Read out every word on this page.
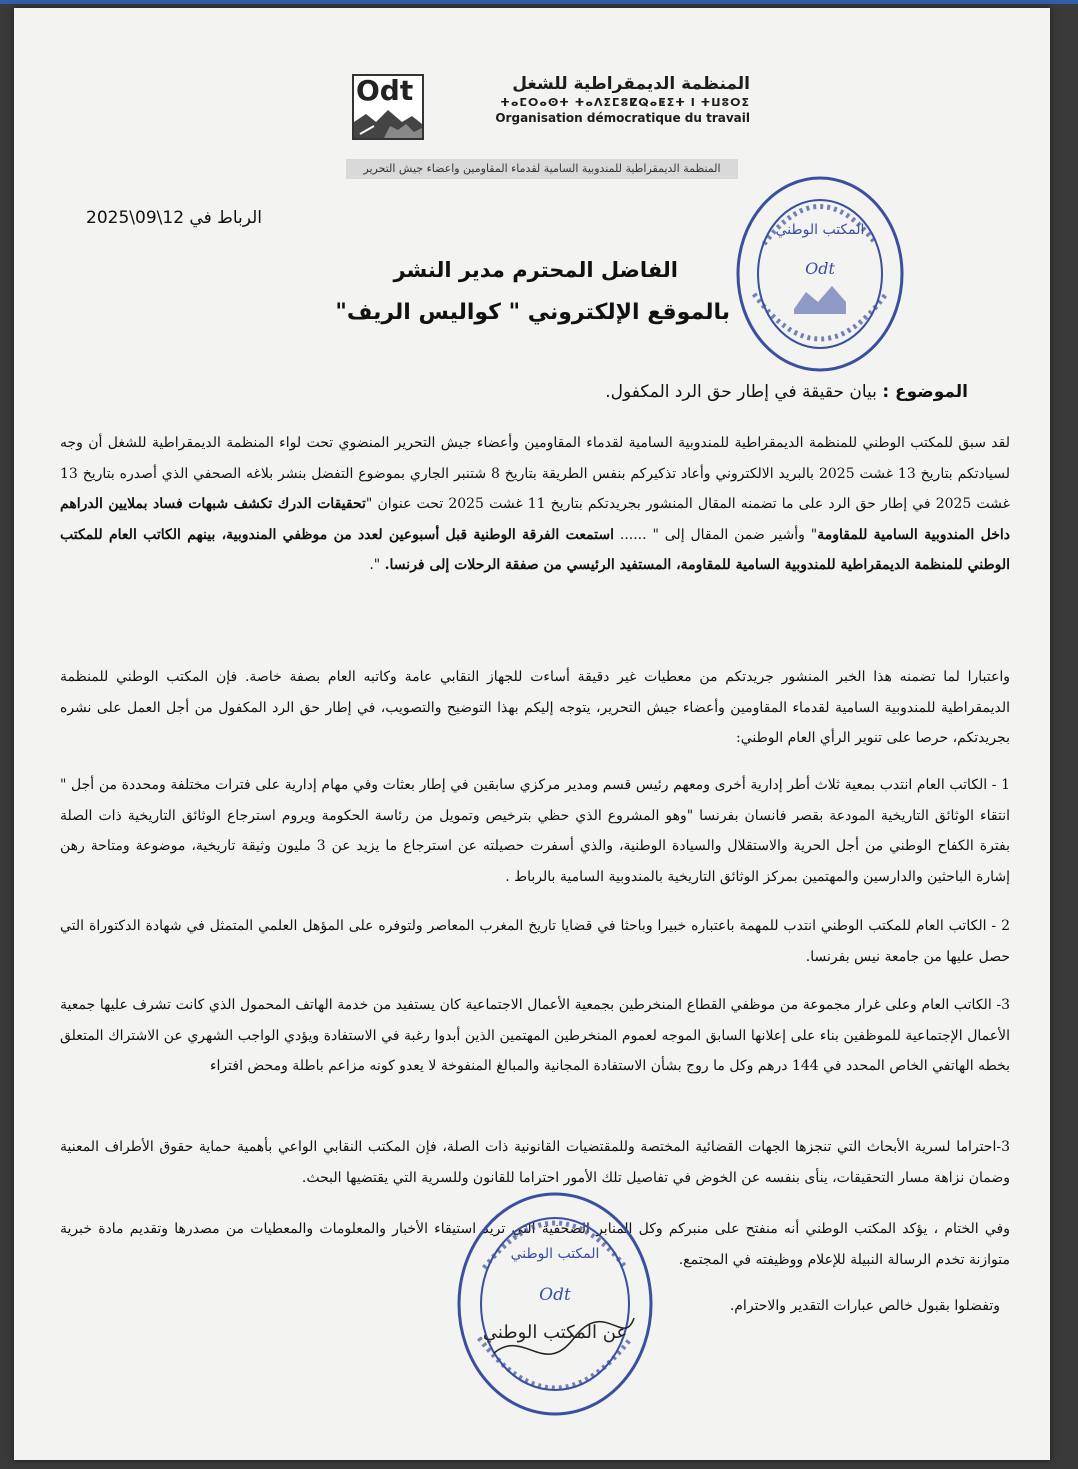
المنظمة الديمقراطية للشغل
ⵜⴰⵎⵔⴰⵙⵜ ⵜⴰⴷⵉⵎⵓⵇⵕⴰⵟⵉⵜ ⵏ ⵜⵡⵓⵔⵉ
Organisation démocratique du travail
Odt
المنظمة الديمقراطية للمندوبية السامية لقدماء المقاومين واعضاء جيش التحرير
المكتب الوطني
Odt
الرباط في 12\09\2025
الفاضل المحترم مدير النشر
بالموقع الإلكتروني " كواليس الريف"
الموضوع : بيان حقيقة في إطار حق الرد المكفول.
لقد سبق للمكتب الوطني للمنظمة الديمقراطية للمندوبية السامية لقدماء المقاومين وأعضاء جيش التحرير المنضوي تحت لواء المنظمة الديمقراطية للشغل أن وجه لسيادتكم بتاريخ 13 غشت 2025 بالبريد الالكتروني وأعاد تذكيركم بنفس الطريقة بتاريخ 8 شتنبر الجاري بموضوع التفضل بنشر بلاغه الصحفي الذي أصدره بتاريخ 13 غشت 2025 في إطار حق الرد على ما تضمنه المقال المنشور بجريدتكم بتاريخ 11 غشت 2025 تحت عنوان "تحقيقات الدرك تكشف شبهات فساد بملايين الدراهم داخل المندوبية السامية للمقاومة" وأشير ضمن المقال إلى " ...... استمعت الفرقة الوطنية قبل أسبوعين لعدد من موظفي المندوبية، بينهم الكاتب العام للمكتب الوطني للمنظمة الديمقراطية للمندوبية السامية للمقاومة، المستفيد الرئيسي من صفقة الرحلات إلى فرنسا. ".
واعتبارا لما تضمنه هذا الخبر المنشور جريدتكم من معطيات غير دقيقة أساءت للجهاز النقابي عامة وكاتبه العام بصفة خاصة. فإن المكتب الوطني للمنظمة الديمقراطية للمندوبية السامية لقدماء المقاومين وأعضاء جيش التحرير، يتوجه إليكم بهذا التوضيح والتصويب، في إطار حق الرد المكفول من أجل العمل على نشره بجريدتكم، حرصا على تنوير الرأي العام الوطني:
1 - الكاتب العام انتدب بمعية ثلاث أطر إدارية أخرى ومعهم رئيس قسم ومدير مركزي سابقين في إطار بعثات وفي مهام إدارية على فترات مختلفة ومحددة من أجل " انتقاء الوثائق التاريخية المودعة بقصر فانسان بفرنسا "وهو المشروع الذي حظي بترخيص وتمويل من رئاسة الحكومة ويروم استرجاع الوثائق التاريخية ذات الصلة بفترة الكفاح الوطني من أجل الحرية والاستقلال والسيادة الوطنية، والذي أسفرت حصيلته عن استرجاع ما يزيد عن 3 مليون وثيقة تاريخية، موضوعة ومتاحة رهن إشارة الباحثين والدارسين والمهتمين بمركز الوثائق التاريخية بالمندوبية السامية بالرباط .
2 - الكاتب العام للمكتب الوطني انتدب للمهمة باعتباره خبيرا وباحثا في قضايا تاريخ المغرب المعاصر ولتوفره على المؤهل العلمي المتمثل في شهادة الدكتوراة التي حصل عليها من جامعة نيس بفرنسا.
3- الكاتب العام وعلى غرار مجموعة من موظفي القطاع المنخرطين بجمعية الأعمال الاجتماعية كان يستفيد من خدمة الهاتف المحمول الذي كانت تشرف عليها جمعية الأعمال الإجتماعية للموظفين بناء على إعلانها السابق الموجه لعموم المنخرطين المهتمين الذين أبدوا رغبة في الاستفادة ويؤدي الواجب الشهري عن الاشتراك المتعلق بخطه الهاتفي الخاص المحدد في 144 درهم وكل ما روج بشأن الاستفادة المجانية والمبالغ المنفوخة لا يعدو كونه مزاعم باطلة ومحض افتراء
3-احتراما لسرية الأبحاث التي تنجزها الجهات القضائية المختصة وللمقتضيات القانونية ذات الصلة، فإن المكتب النقابي الواعي بأهمية حماية حقوق الأطراف المعنية وضمان نزاهة مسار التحقيقات، ينأى بنفسه عن الخوض في تفاصيل تلك الأمور احتراما للقانون وللسرية التي يقتضيها البحث.
وفي الختام ، يؤكد المكتب الوطني أنه منفتح على منبركم وكل المنابر الصحفية التي تريد استيقاء الأخبار والمعلومات والمعطيات من مصدرها وتقديم مادة خبرية متوازنة تخدم الرسالة النبيلة للإعلام ووظيفته في المجتمع.
وتفضلوا بقبول خالص عبارات التقدير والاحترام.
المكتب الوطني
Odt
عن المكتب الوطني
